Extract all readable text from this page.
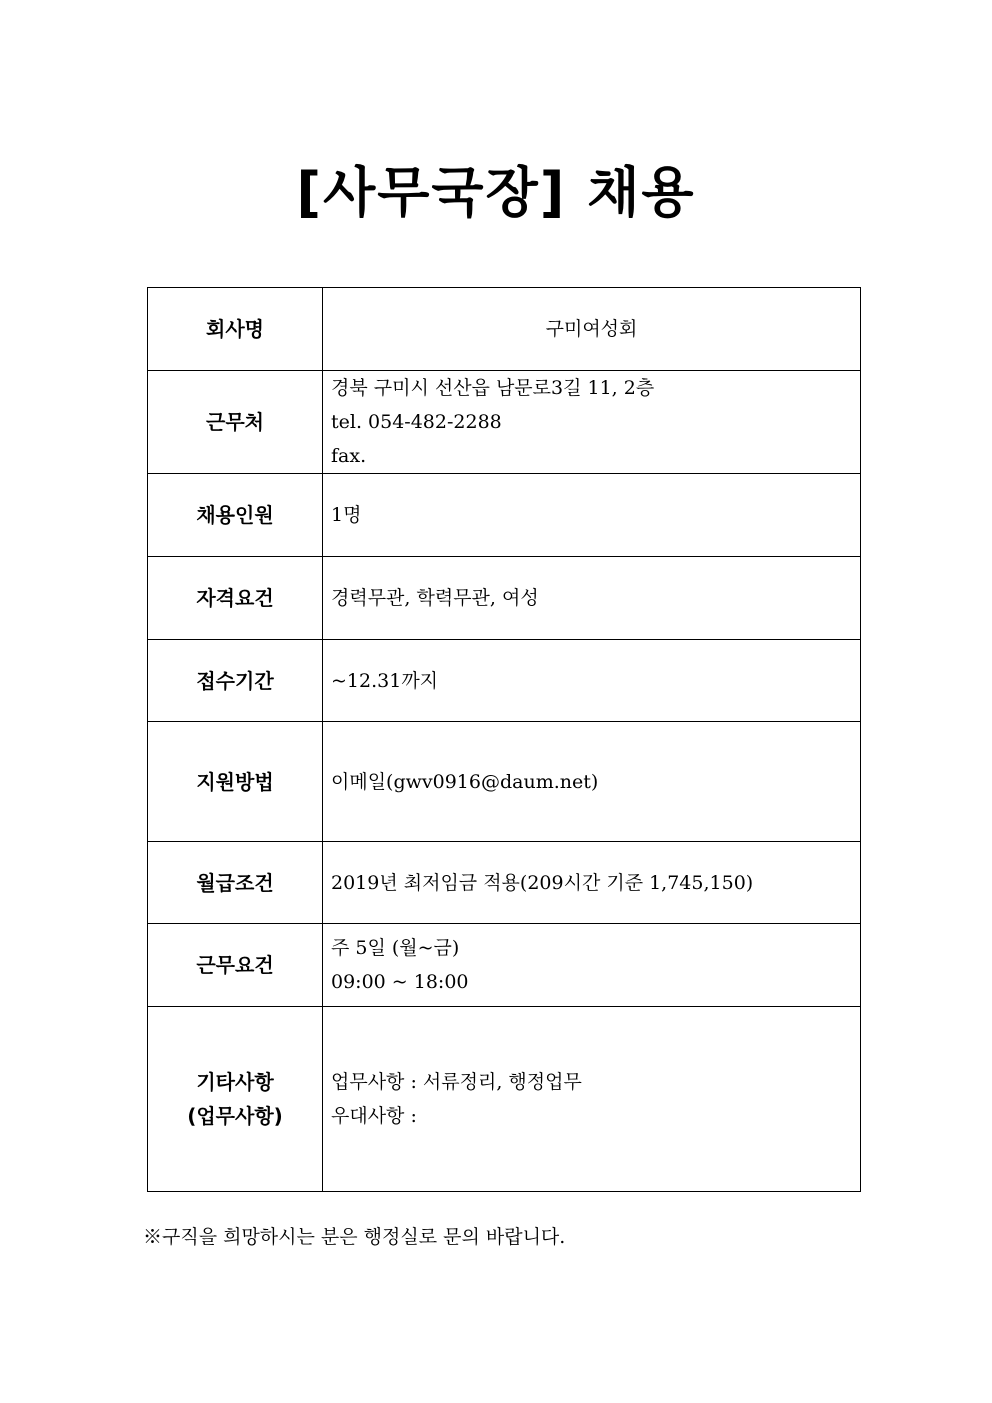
[사무국장] 채용
회사명	구미여성회

근무처	경북 구미시 선산읍 남문로3길 11, 2층
tel. 054-482-2288
fax.

채용인원	1명

자격요건	경력무관, 학력무관, 여성

접수기간	~12.31까지

지원방법	이메일(gwv0916@daum.net)

월급조건	2019년 최저임금 적용(209시간 기준 1,745,150)

근무요건	주 5일 (월~금)
09:00 ~ 18:00

기타사항
(업무사항)	업무사항 : 서류정리, 행정업무
우대사항 :
※구직을 희망하시는 분은 행정실로 문의 바랍니다.
